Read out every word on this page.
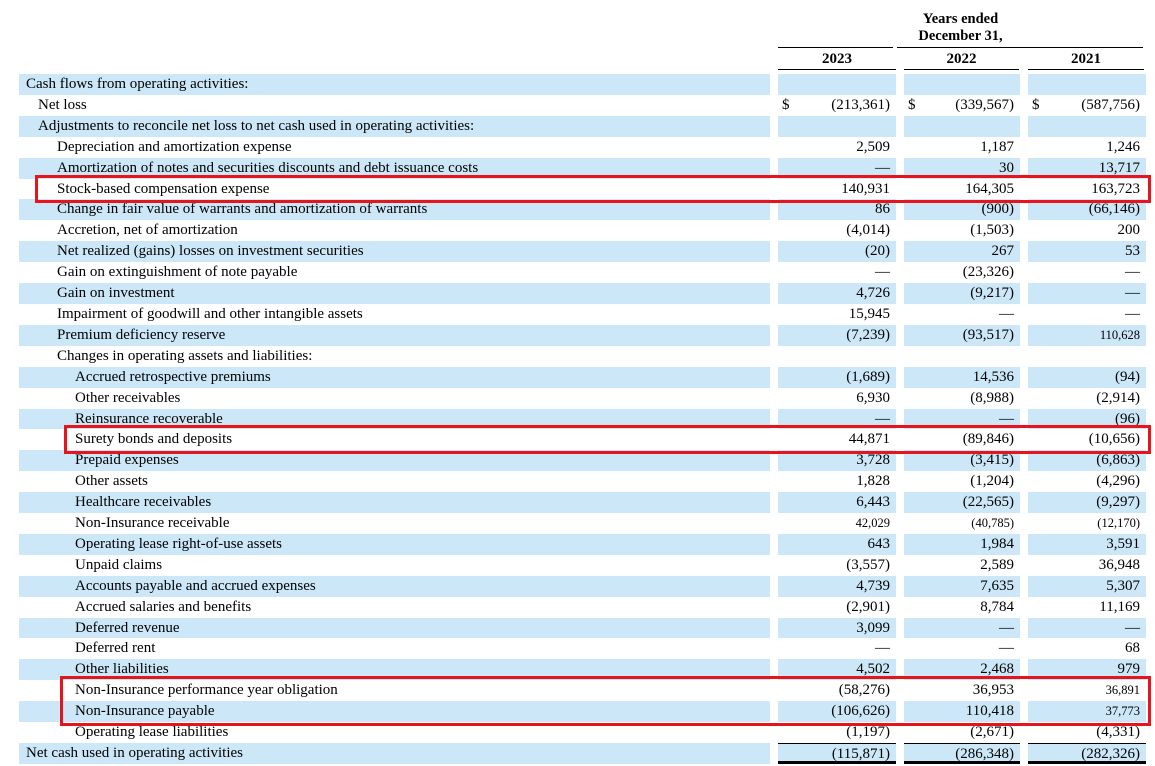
Years ended
December 31,
2023	2022	2021
Cash flows from operating activities:
Net loss	$	(213,361) $	(339,567) $	(587,756)
Adjustments to reconcile net loss to net cash used in operating activities:
Depreciation and amortization expense	2,509	1,187	1,246
Amortization of notes and securities discounts and debt issuance costs	—	30	13,717
Stock-based compensation expense	140,931	164,305	163,723
Change in fair value of warrants and amortization of warrants	86	(900)	(66,146)
Accretion, net of amortization	(4,014)	(1,503)	200
Net realized (gains) losses on investment securities	(20)	267	53
Gain on extinguishment of note payable	—	(23,326)	—
Gain on investment	4,726	(9,217)	—
Impairment of goodwill and other intangible assets	15,945	—	—
Premium deficiency reserve	(7,239)	(93,517)	110,628
Changes in operating assets and liabilities:
Accrued retrospective premiums	(1,689)	14,536	(94)
Other receivables	6,930	(8,988)	(2,914)
Reinsurance recoverable	—	—	(96)
Surety bonds and deposits	44,871	(89,846)	(10,656)
Prepaid expenses	3,728	(3,415)	(6,863)
Other assets	1,828	(1,204)	(4,296)
Healthcare receivables	6,443	(22,565)	(9,297)
Non-Insurance receivable	42,029	(40,785)	(12,170)
Operating lease right-of-use assets	643	1,984	3,591
Unpaid claims	(3,557)	2,589	36,948
Accounts payable and accrued expenses	4,739	7,635	5,307
Accrued salaries and benefits	(2,901)	8,784	11,169
Deferred revenue	3,099	—	—
Deferred rent	—	—	68
Other liabilities	4,502	2,468	979
Non-Insurance performance year obligation	(58,276)	36,953	36,891
Non-Insurance payable	(106,626)	110,418	37,773
Operating lease liabilities	(1,197)	(2,671)	(4,331)
Net cash used in operating activities	(115,871)	(286,348)	(282,326)
